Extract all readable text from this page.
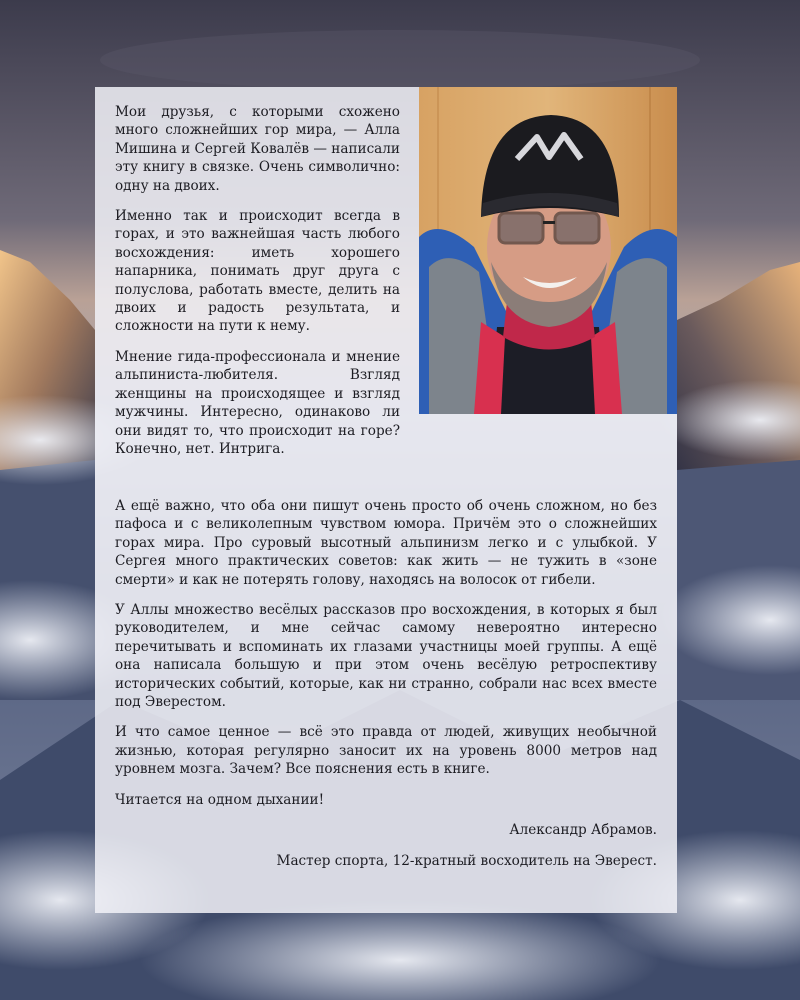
Мои друзья, с которыми схожено много сложнейших гор мира, — Алла Мишина и Сергей Ковалёв — написали эту книгу в связке. Очень символично: одну на двоих.

Именно так и происходит всегда в горах, и это важнейшая часть любого восхождения: иметь хорошего напарника, понимать друг друга с полуслова, работать вместе, делить на двоих и радость результата, и сложности на пути к нему.

Мнение гида-профессионала и мнение альпиниста-любителя. Взгляд женщины на происходящее и взгляд мужчины. Интересно, одинаково ли они видят то, что происходит на горе? Конечно, нет. Интрига.

А ещё важно, что оба они пишут очень просто об очень сложном, но без пафоса и с великолепным чувством юмора. Причём это о сложнейших горах мира. Про суровый высотный альпинизм легко и с улыбкой. У Сергея много практических советов: как жить — не тужить в «зоне смерти» и как не потерять голову, находясь на волосок от гибели.

У Аллы множество весёлых рассказов про восхождения, в которых я был руководителем, и мне сейчас самому невероятно интересно перечитывать и вспоминать их глазами участницы моей группы. А ещё она написала большую и при этом очень весёлую ретроспективу исторических событий, которые, как ни странно, собрали нас всех вместе под Эверестом.

И что самое ценное — всё это правда от людей, живущих необычной жизнью, которая регулярно заносит их на уровень 8000 метров над уровнем мозга. Зачем? Все пояснения есть в книге.

Читается на одном дыхании!

Александр Абрамов.

Мастер спорта, 12-кратный восходитель на Эверест.
